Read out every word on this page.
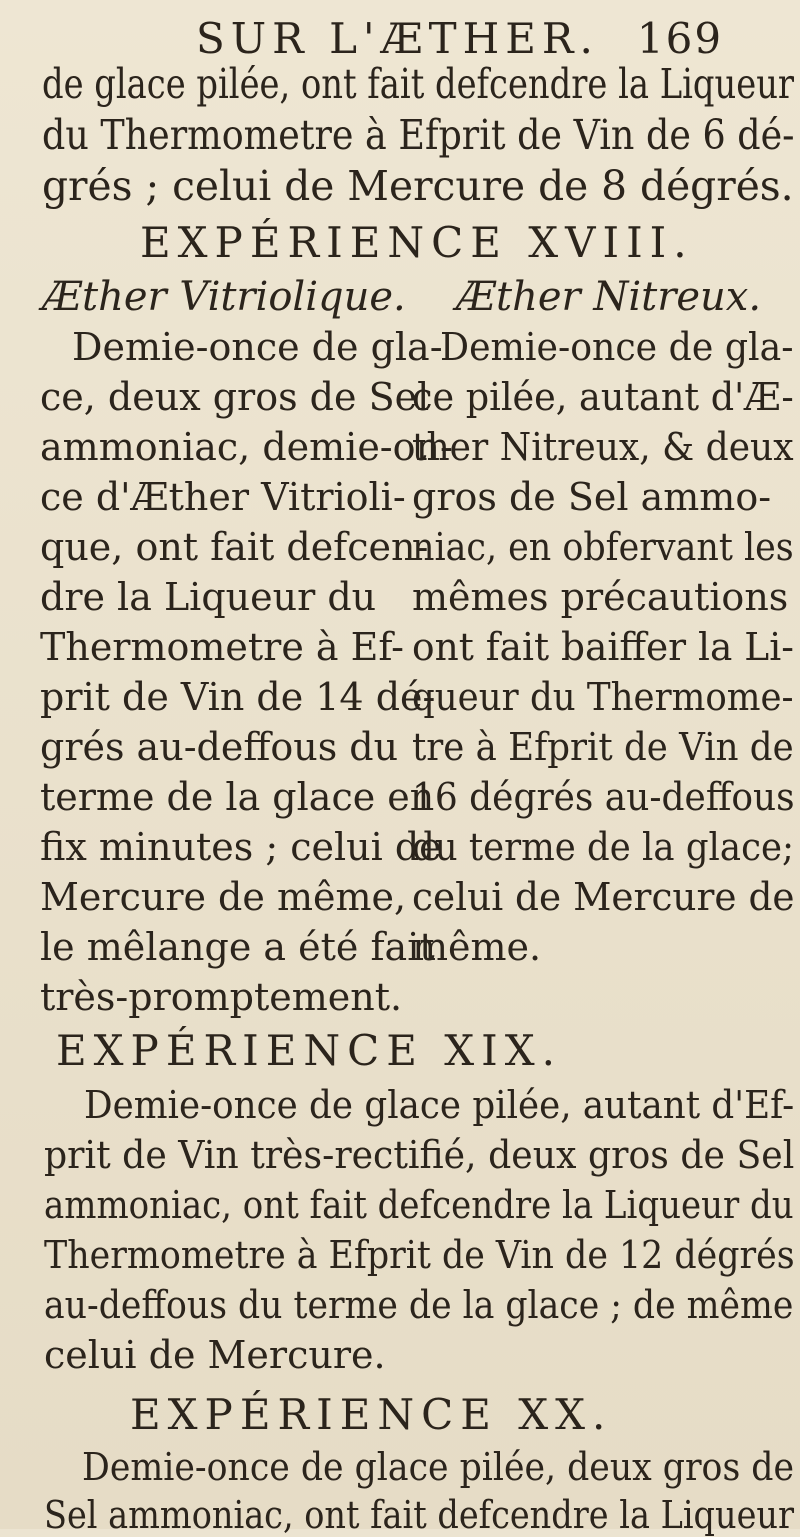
SUR L'ÆTHER. 169
de glace pilée, ont fait defcendre la Liqueur
du Thermometre à Efprit de Vin de 6 dé-
grés ; celui de Mercure de 8 dégrés.
EXPÉRIENCE XVIII.
Æther Vitriolique. Æther Nitreux.
Demie-once de gla-
ce, deux gros de Sel
ammoniac, demie-on-
ce d'Æther Vitrioli-
que, ont fait defcen-
dre la Liqueur du
Thermometre à Ef-
prit de Vin de 14 dé-
grés au-deffous du
terme de la glace en
fix minutes ; celui de
Mercure de même,
le mêlange a été fait
très-promptement.
Demie-once de gla-
ce pilée, autant d'Æ-
ther Nitreux, & deux
gros de Sel ammo-
niac, en obfervant les
mêmes précautions
ont fait baiffer la Li-
queur du Thermome-
tre à Efprit de Vin de
16 dégrés au-deffous
du terme de la glace;
celui de Mercure de
même.
EXPÉRIENCE XIX.
Demie-once de glace pilée, autant d'Ef-
prit de Vin très-rectifié, deux gros de Sel
ammoniac, ont fait defcendre la Liqueur du
Thermometre à Efprit de Vin de 12 dégrés
au-deffous du terme de la glace ; de même
celui de Mercure.
EXPÉRIENCE XX.
Demie-once de glace pilée, deux gros de
Sel ammoniac, ont fait defcendre la Liqueur
